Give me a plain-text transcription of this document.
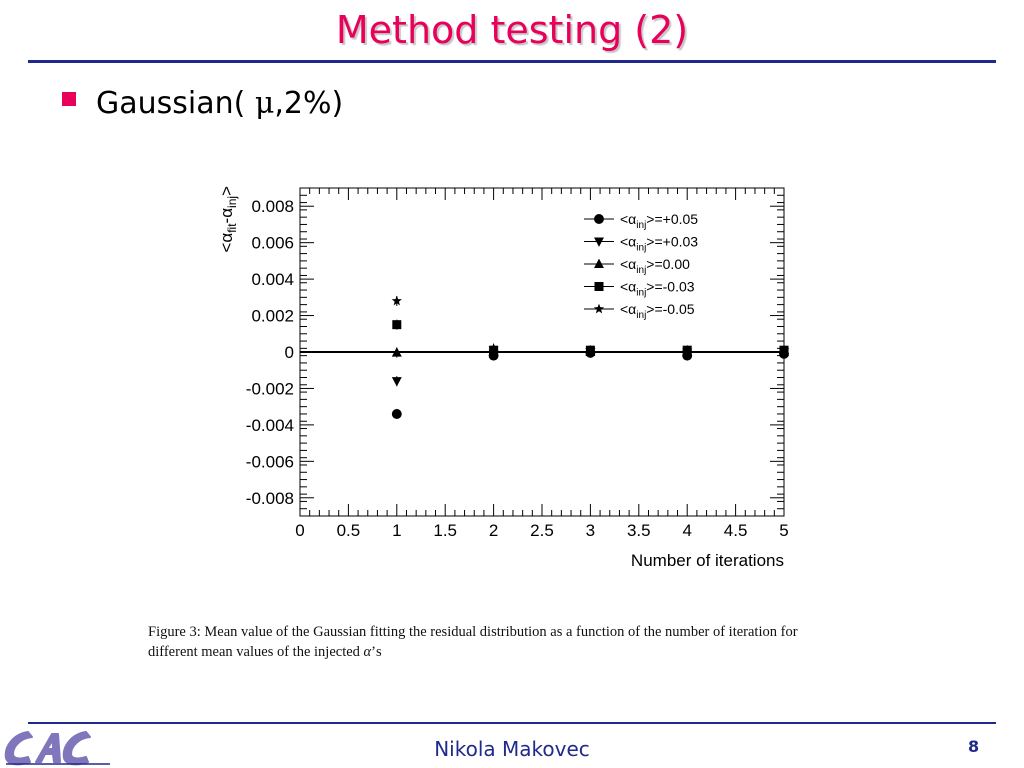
Method testing (2)
Gaussian( μ,2%)
0 0.5 1 1.5 2 2.5 3 3.5 4 4.5 5
0.008
0.006
0.004
0.002
0
-0.002
-0.004
-0.006
-0.008
Number of iterations
$<\alpha_{fit}-\alpha_{inj}>$
$<\alpha_{inj}>=+0.05$
$<\alpha_{inj}>=+0.03$
$<\alpha_{inj}>=0.00$
$<\alpha_{inj}>=-0.03$
$<\alpha_{inj}>=-0.05$
Figure 3: Mean value of the Gaussian fitting the residual distribution as a function of the number of iteration for
different mean values of the injected α’s
Nikola Makovec	8
